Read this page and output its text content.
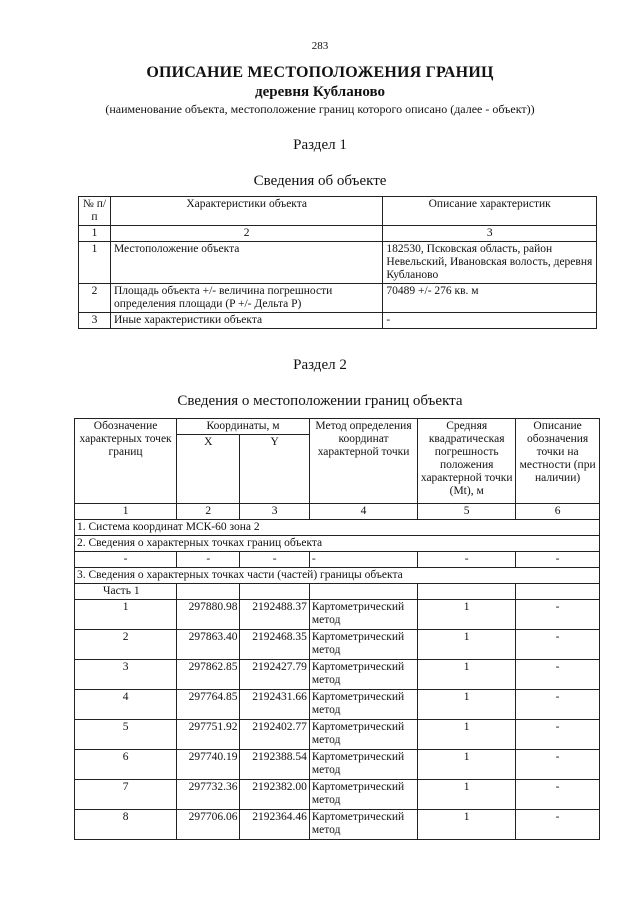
283
ОПИСАНИЕ МЕСТОПОЛОЖЕНИЯ ГРАНИЦ
деревня Кубланово
(наименование объекта, местоположение границ которого описано (далее - объект))
Раздел 1
Сведения об объекте
№ п/п	Характеристики объекта	Описание характеристик
1	2	3
1	Местоположение объекта	182530, Псковская область, район Невельский, Ивановская волость, деревня Кубланово
2	Площадь объекта +/- величина погрешности определения площади (P +/- Дельта P)	70489 +/- 276 кв. м
3	Иные характеристики объекта	-
Раздел 2
Сведения о местоположении границ объекта
Обозначение характерных точек границ	Координаты, м		Метод определения координат характерной точки	Средняя квадратическая погрешность положения характерной точки (Mt), м	Описание обозначения точки на местности (при наличии)
	X	Y			
1	2	3	4	5	6
1. Система координат МСК-60 зона 2					
2. Сведения о характерных точках границ объекта					
-	-	-	-	-	-
3. Сведения о характерных точках части (частей) границы объекта					
Часть 1					
1	297880.98	2192488.37	Картометрический метод	1	-
2	297863.40	2192468.35	Картометрический метод	1	-
3	297862.85	2192427.79	Картометрический метод	1	-
4	297764.85	2192431.66	Картометрический метод	1	-
5	297751.92	2192402.77	Картометрический метод	1	-
6	297740.19	2192388.54	Картометрический метод	1	-
7	297732.36	2192382.00	Картометрический метод	1	-
8	297706.06	2192364.46	Картометрический метод	1	-
